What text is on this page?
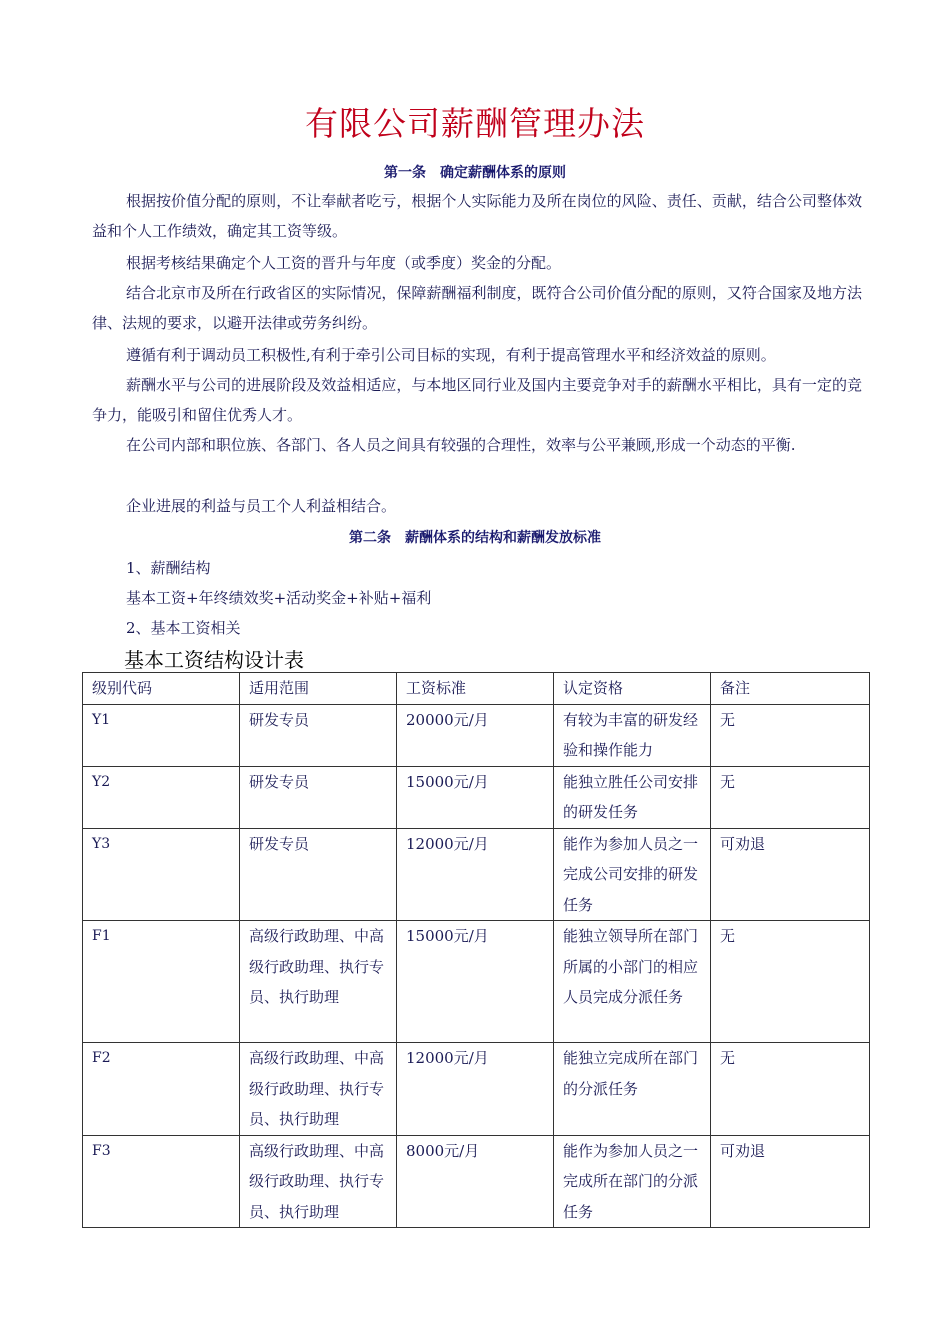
有限公司薪酬管理办法
第一条　确定薪酬体系的原则
根据按价值分配的原则，不让奉献者吃亏，根据个人实际能力及所在岗位的风险、责任、贡献，结合公司整体效益和个人工作绩效，确定其工资等级。
根据考核结果确定个人工资的晋升与年度（或季度）奖金的分配。
结合北京市及所在行政省区的实际情况，保障薪酬福利制度，既符合公司价值分配的原则，又符合国家及地方法律、法规的要求，以避开法律或劳务纠纷。
遵循有利于调动员工积极性,有利于牵引公司目标的实现，有利于提高管理水平和经济效益的原则。
薪酬水平与公司的进展阶段及效益相适应，与本地区同行业及国内主要竞争对手的薪酬水平相比，具有一定的竞争力，能吸引和留住优秀人才。
在公司内部和职位族、各部门、各人员之间具有较强的合理性，效率与公平兼顾,形成一个动态的平衡.
企业进展的利益与员工个人利益相结合。
第二条　薪酬体系的结构和薪酬发放标准
1、薪酬结构
基本工资+年终绩效奖+活动奖金+补贴+福利
2、基本工资相关
基本工资结构设计表
级别代码	适用范围	工资标准	认定资格	备注
Y1	研发专员	20000元/月	有较为丰富的研发经验和操作能力	无
Y2	研发专员	15000元/月	能独立胜任公司安排的研发任务	无
Y3	研发专员	12000元/月	能作为参加人员之一完成公司安排的研发任务	可劝退
F1	高级行政助理、中高级行政助理、执行专员、执行助理	15000元/月	能独立领导所在部门所属的小部门的相应人员完成分派任务	无
F2	高级行政助理、中高级行政助理、执行专员、执行助理	12000元/月	能独立完成所在部门的分派任务	无
F3	高级行政助理、中高级行政助理、执行专员、执行助理	8000元/月	能作为参加人员之一完成所在部门的分派任务	可劝退
